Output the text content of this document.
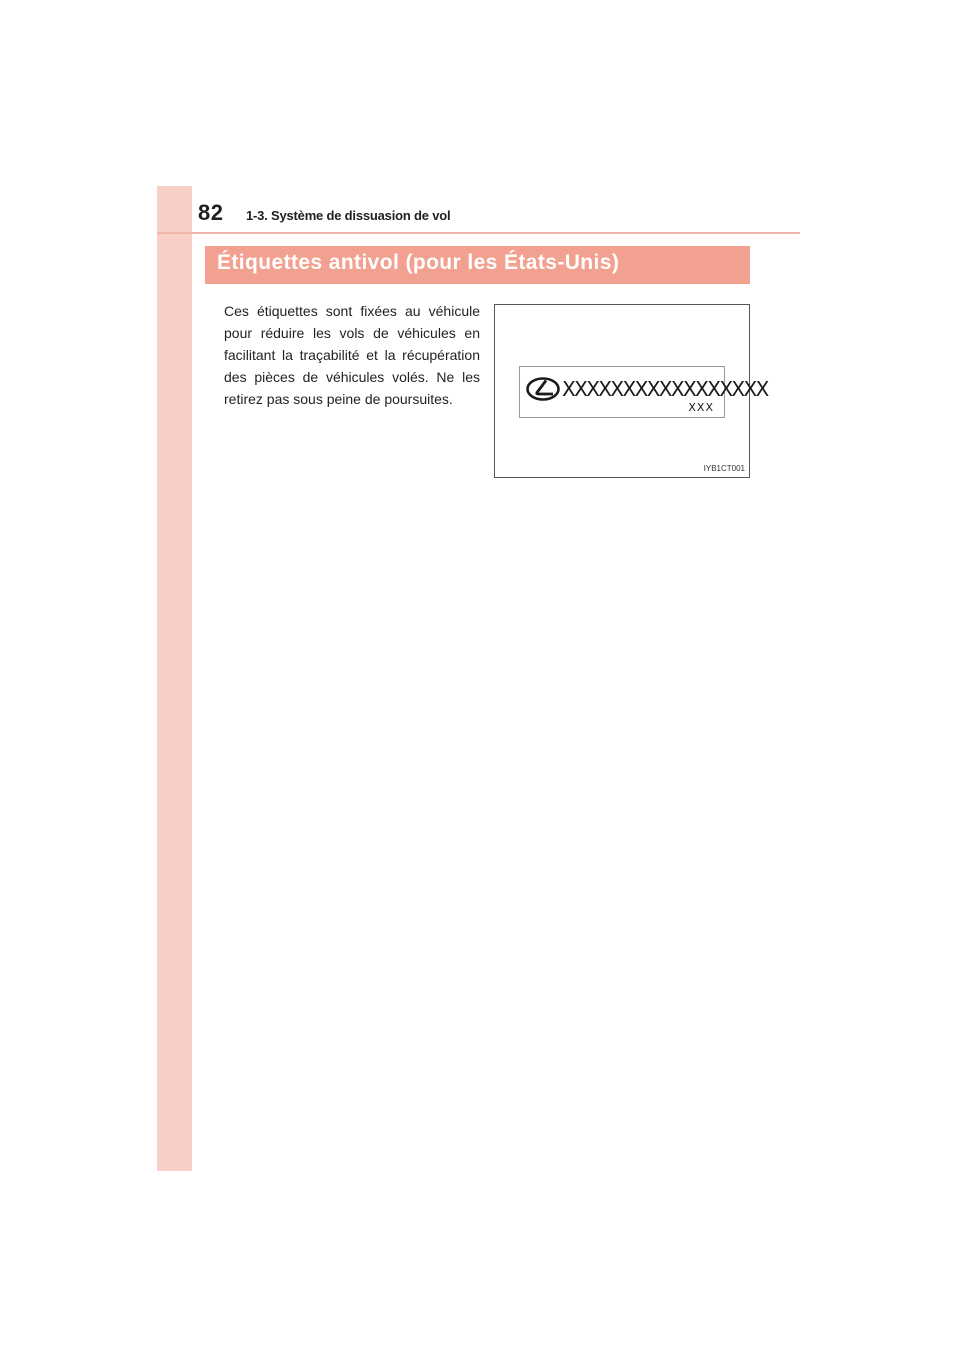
82 1-3. Système de dissuasion de vol
Étiquettes antivol (pour les États-Unis)

Ces étiquettes sont fixées au véhicule pour réduire les vols de véhicules en facilitant la traçabilité et la récupération des pièces de véhicules volés. Ne les retirez pas sous peine de poursuites.	XXXXXXXXXXXXXXXXX
XXX
IYB1CT001
